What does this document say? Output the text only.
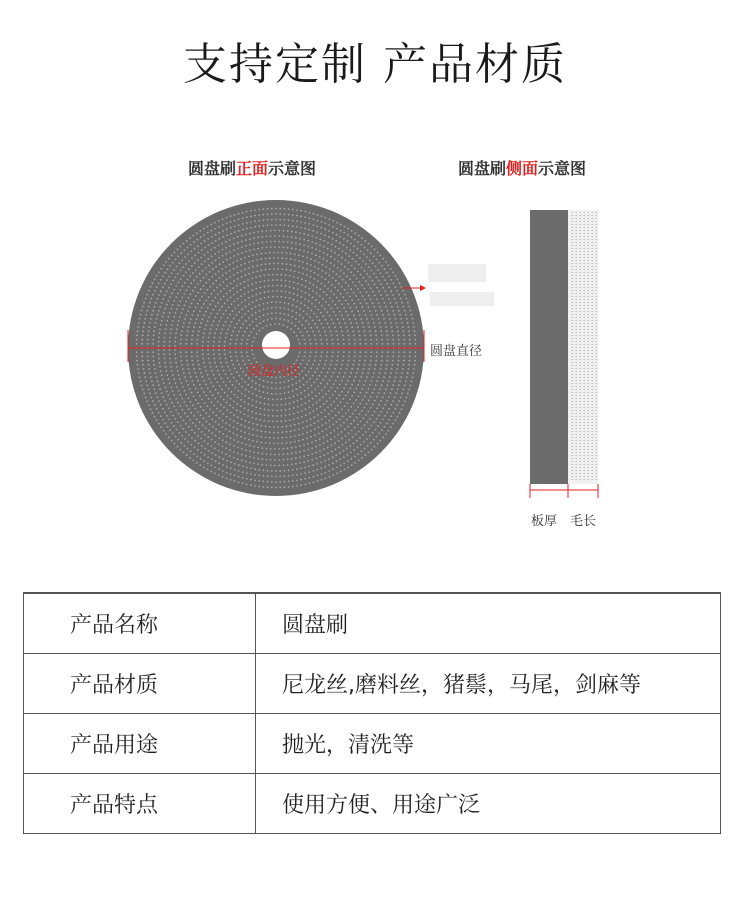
支持定制 产品材质
圆盘刷正面示意图	圆盘刷侧面示意图
圆盘直径
圆盘内径
板厚 毛长
产品名称	圆盘刷
产品材质	尼龙丝,磨料丝，猪鬃，马尾，剑麻等
产品用途	抛光，清洗等
产品特点	使用方便、用途广泛
